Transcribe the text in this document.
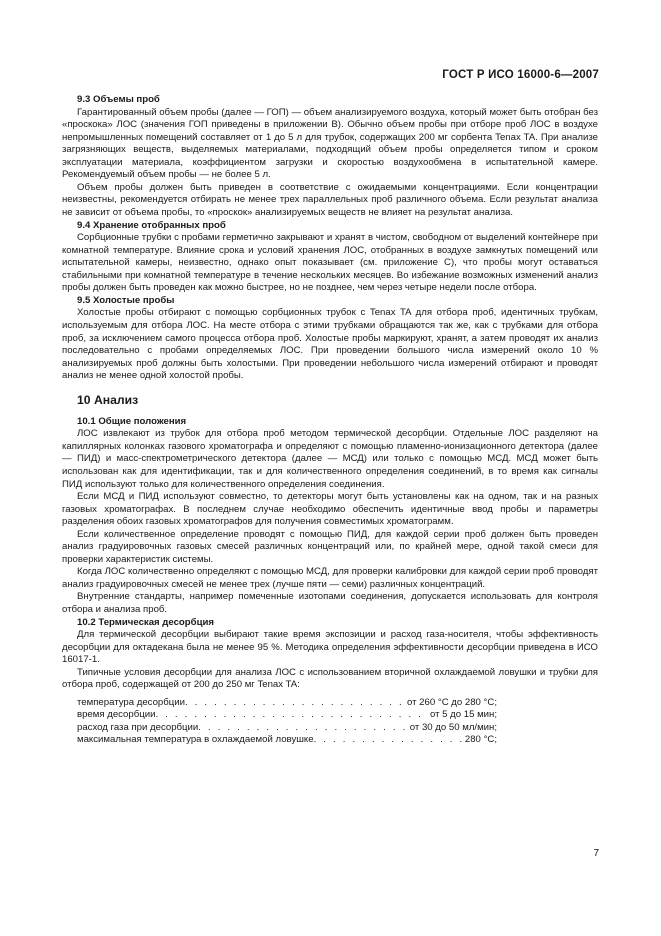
ГОСТ Р ИСО 16000-6—2007
9.3 Объемы проб

Гарантированный объем пробы (далее — ГОП) — объем анализируемого воздуха, который может быть отобран без «проскока» ЛОС (значения ГОП приведены в приложении В). Обычно объем пробы при отборе проб ЛОС в воздухе непромышленных помещений составляет от 1 до 5 л для трубок, содержащих 200 мг сорбента Tenax TA. При анализе загрязняющих веществ, выделяемых материалами, подходящий объем пробы определяется типом и сроком эксплуатации материала, коэффициентом загрузки и скоростью воздухообмена в испытательной камере. Рекомендуемый объем пробы — не более 5 л.

Объем пробы должен быть приведен в соответствие с ожидаемыми концентрациями. Если концентрации неизвестны, рекомендуется отбирать не менее трех параллельных проб различного объема. Если результат анализа не зависит от объема пробы, то «проскок» анализируемых веществ не влияет на результат анализа.

9.4 Хранение отобранных проб

Сорбционные трубки с пробами герметично закрывают и хранят в чистом, свободном от выделений контейнере при комнатной температуре. Влияние срока и условий хранения ЛОС, отобранных в воздухе замкнутых помещений или испытательной камеры, неизвестно, однако опыт показывает (см. приложение С), что пробы могут оставаться стабильными при комнатной температуре в течение нескольких месяцев. Во избежание возможных изменений анализ пробы должен быть проведен как можно быстрее, но не позднее, чем через четыре недели после отбора.

9.5 Холостые пробы

Холостые пробы отбирают с помощью сорбционных трубок с Tenax TA для отбора проб, идентичных трубкам, используемым для отбора ЛОС. На месте отбора с этими трубками обращаются так же, как с трубками для отбора проб, за исключением самого процесса отбора проб. Холостые пробы маркируют, хранят, а затем проводят их анализ последовательно с пробами определяемых ЛОС. При проведении большого числа измерений около 10 % анализируемых проб должны быть холостыми. При проведении небольшого числа измерений отбирают и проводят анализ не менее одной холостой пробы.

10 Анализ
10.1 Общие положения

ЛОС извлекают из трубок для отбора проб методом термической десорбции. Отдельные ЛОС разделяют на капиллярных колонках газового хроматографа и определяют с помощью пламенно-ионизационного детектора (далее — ПИД) и масс-спектрометрического детектора (далее — МСД) или только с помощью МСД. МСД может быть использован как для идентификации, так и для количественного определения соединений, в то время как сигналы ПИД используют только для количественного определения соединения.

Если МСД и ПИД используют совместно, то детекторы могут быть установлены как на одном, так и на разных газовых хроматографах. В последнем случае необходимо обеспечить идентичные ввод пробы и параметры разделения обоих газовых хроматографов для получения совместимых хроматограмм.

Если количественное определение проводят с помощью ПИД, для каждой серии проб должен быть проведен анализ градуировочных газовых смесей различных концентраций или, по крайней мере, одной такой смеси для проверки характеристик системы.

Когда ЛОС количественно определяют с помощью МСД, для проверки калибровки для каждой серии проб проводят анализ градуировочных смесей не менее трех (лучше пяти — семи) различных концентраций.

Внутренние стандарты, например помеченные изотопами соединения, допускается использовать для контроля отбора и анализа проб.

10.2 Термическая десорбция

Для термической десорбции выбирают такие время экспозиции и расход газа-носителя, чтобы эффективность десорбции для октадекана была не менее 95 %. Методика определения эффективности десорбции приведена в ИСО 16017-1.

Типичные условия десорбции для анализа ЛОС с использованием вторичной охлаждаемой ловушки и трубки для отбора проб, содержащей от 200 до 250 мг Tenax TA:

температура десорбции . . .	от 260 °С до 280 °С;
время десорбции . . .	от 5 до 15 мин;
расход газа при десорбции . . .	от 30 до 50 мл/мин;
максимальная температура в охлаждаемой ловушке . . .	280 °С;
7
